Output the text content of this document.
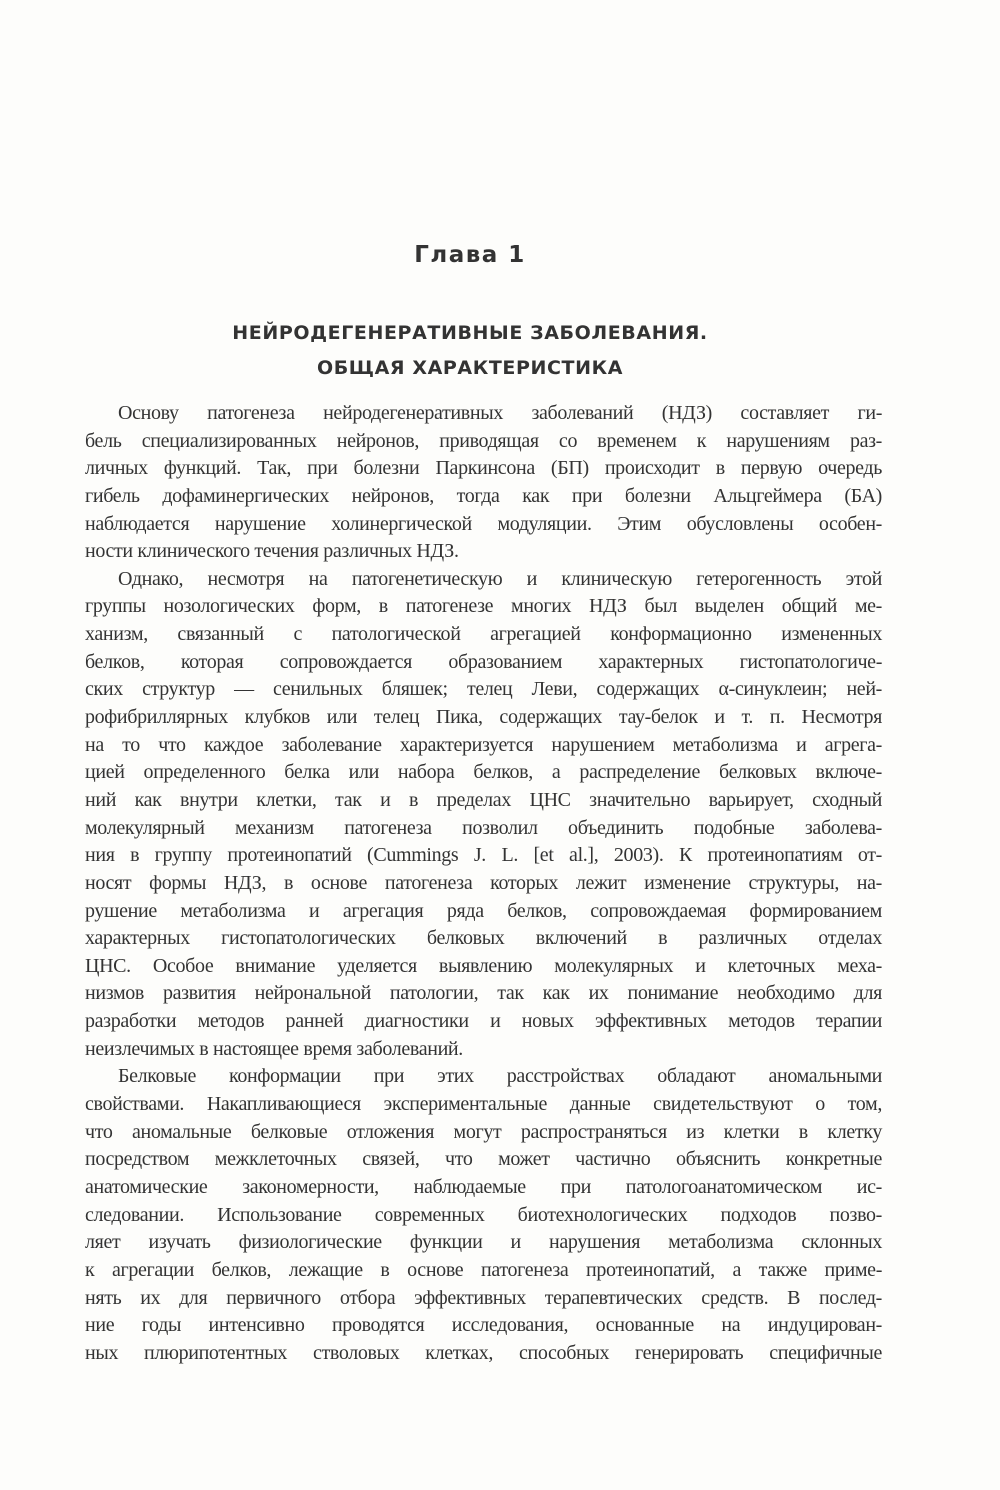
Глава 1
НЕЙРОДЕГЕНЕРАТИВНЫЕ ЗАБОЛЕВАНИЯ.
ОБЩАЯ ХАРАКТЕРИСТИКА
Основу патогенеза нейродегенеративных заболеваний (НДЗ) составляет ги-
бель специализированных нейронов, приводящая со временем к нарушениям раз-
личных функций. Так, при болезни Паркинсона (БП) происходит в первую очередь
гибель дофаминергических нейронов, тогда как при болезни Альцгеймера (БА)
наблюдается нарушение холинергической модуляции. Этим обусловлены особен-
ности клинического течения различных НДЗ.
Однако, несмотря на патогенетическую и клиническую гетерогенность этой
группы нозологических форм, в патогенезе многих НДЗ был выделен общий ме-
ханизм, связанный с патологической агрегацией конформационно измененных
белков, которая сопровождается образованием характерных гистопатологиче-
ских структур — сенильных бляшек; телец Леви, содержащих α-синуклеин; ней-
рофибриллярных клубков или телец Пика, содержащих тау-белок и т. п. Несмотря
на то что каждое заболевание характеризуется нарушением метаболизма и агрега-
цией определенного белка или набора белков, а распределение белковых включе-
ний как внутри клетки, так и в пределах ЦНС значительно варьирует, сходный
молекулярный механизм патогенеза позволил объединить подобные заболева-
ния в группу протеинопатий (Cummings J. L. [et al.], 2003). К протеинопатиям от-
носят формы НДЗ, в основе патогенеза которых лежит изменение структуры, на-
рушение метаболизма и агрегация ряда белков, сопровождаемая формированием
характерных гистопатологических белковых включений в различных отделах
ЦНС. Особое внимание уделяется выявлению молекулярных и клеточных меха-
низмов развития нейрональной патологии, так как их понимание необходимо для
разработки методов ранней диагностики и новых эффективных методов терапии
неизлечимых в настоящее время заболеваний.
Белковые конформации при этих расстройствах обладают аномальными
свойствами. Накапливающиеся экспериментальные данные свидетельствуют о том,
что аномальные белковые отложения могут распространяться из клетки в клетку
посредством межклеточных связей, что может частично объяснить конкретные
анатомические закономерности, наблюдаемые при патологоанатомическом ис-
следовании. Использование современных биотехнологических подходов позво-
ляет изучать физиологические функции и нарушения метаболизма склонных
к агрегации белков, лежащие в основе патогенеза протеинопатий, а также приме-
нять их для первичного отбора эффективных терапевтических средств. В послед-
ние годы интенсивно проводятся исследования, основанные на индуцирован-
ных плюрипотентных стволовых клетках, способных генерировать специфичные
